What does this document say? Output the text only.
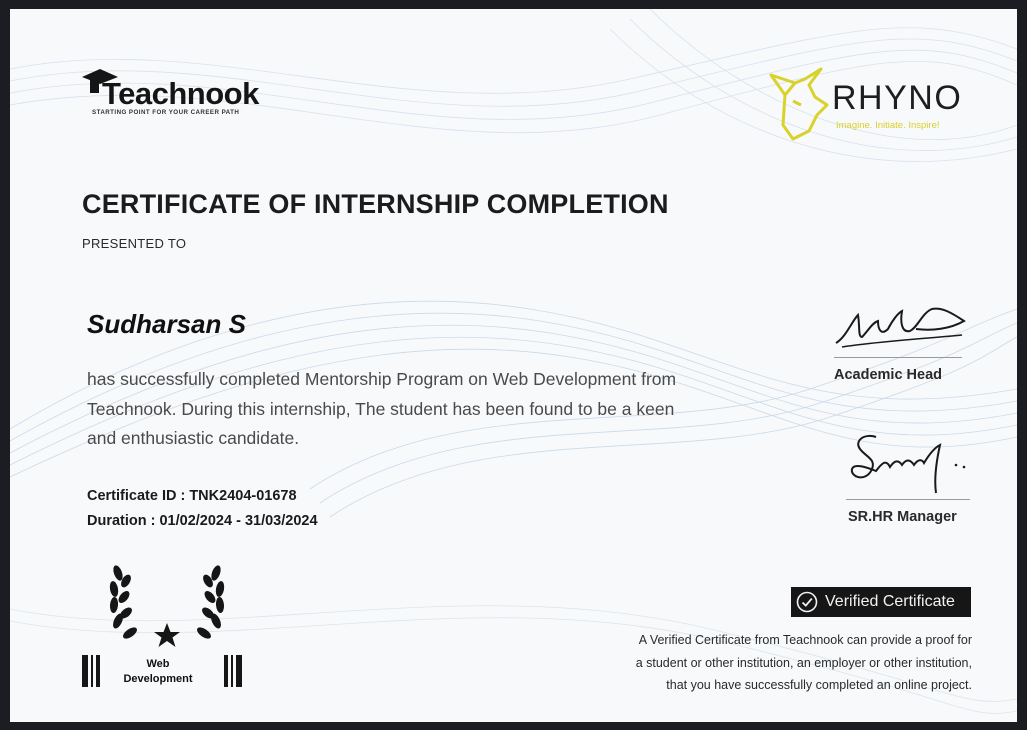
Teachnook
STARTING POINT FOR YOUR CAREER PATH	RHYNO
Imagine. Initiate. Inspire!
CERTIFICATE OF INTERNSHIP COMPLETION
PRESENTED TO
Sudharsan S
has successfully completed Mentorship Program on Web Development from Teachnook. During this internship, The student has been found to be a keen and enthusiastic candidate.
Certificate ID : TNK2404-01678
Duration : 01/02/2024 - 31/03/2024
Academic Head
SR.HR Manager
Web
Development
Verified Certificate
A Verified Certificate from Teachnook can provide a proof for
a student or other institution, an employer or other institution,
that you have successfully completed an online project.
